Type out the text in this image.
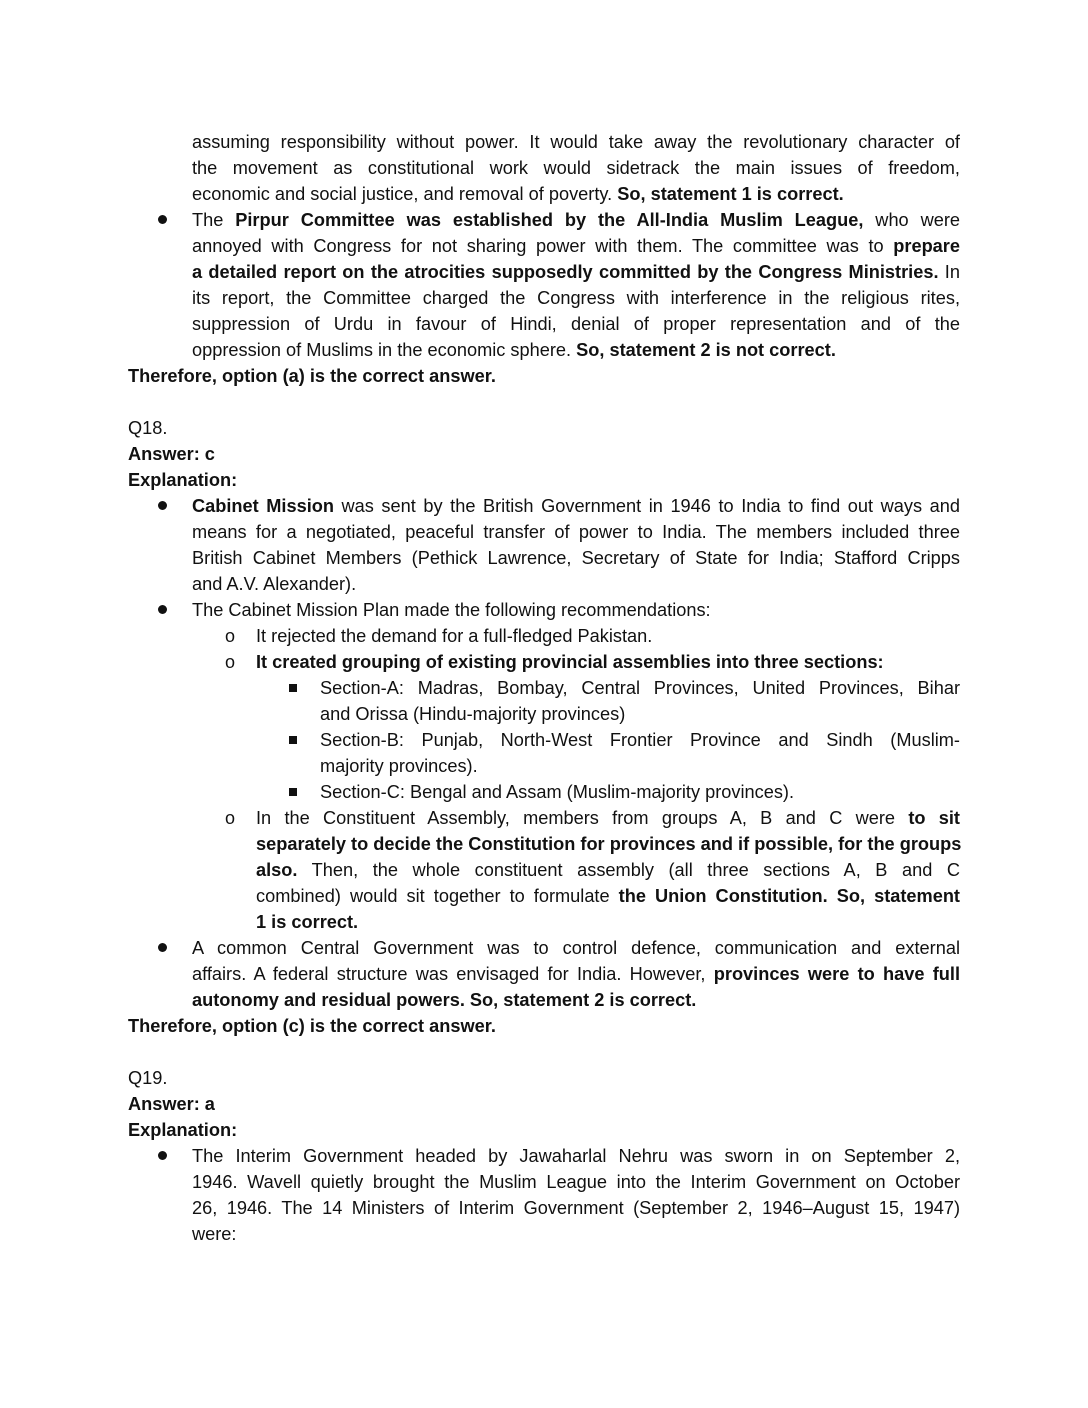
assuming responsibility without power. It would take away the revolutionary character of
the movement as constitutional work would sidetrack the main issues of freedom,
economic and social justice, and removal of poverty. So, statement 1 is correct.
The Pirpur Committee was established by the All-India Muslim League, who were
annoyed with Congress for not sharing power with them. The committee was to prepare
a detailed report on the atrocities supposedly committed by the Congress Ministries. In
its report, the Committee charged the Congress with interference in the religious rites,
suppression of Urdu in favour of Hindi, denial of proper representation and of the
oppression of Muslims in the economic sphere. So, statement 2 is not correct.
Therefore, option (a) is the correct answer.
Q18.
Answer: c
Explanation:
Cabinet Mission was sent by the British Government in 1946 to India to find out ways and
means for a negotiated, peaceful transfer of power to India. The members included three
British Cabinet Members (Pethick Lawrence, Secretary of State for India; Stafford Cripps
and A.V. Alexander).
The Cabinet Mission Plan made the following recommendations:
o It rejected the demand for a full-fledged Pakistan.
o It created grouping of existing provincial assemblies into three sections:
Section-A: Madras, Bombay, Central Provinces, United Provinces, Bihar
and Orissa (Hindu-majority provinces)
Section-B: Punjab, North-West Frontier Province and Sindh (Muslim-
majority provinces).
Section-C: Bengal and Assam (Muslim-majority provinces).
o In the Constituent Assembly, members from groups A, B and C were to sit
separately to decide the Constitution for provinces and if possible, for the groups
also. Then, the whole constituent assembly (all three sections A, B and C
combined) would sit together to formulate the Union Constitution. So, statement
1 is correct.
A common Central Government was to control defence, communication and external
affairs. A federal structure was envisaged for India. However, provinces were to have full
autonomy and residual powers. So, statement 2 is correct.
Therefore, option (c) is the correct answer.
Q19.
Answer: a
Explanation:
The Interim Government headed by Jawaharlal Nehru was sworn in on September 2,
1946. Wavell quietly brought the Muslim League into the Interim Government on October
26, 1946. The 14 Ministers of Interim Government (September 2, 1946–August 15, 1947)
were:
